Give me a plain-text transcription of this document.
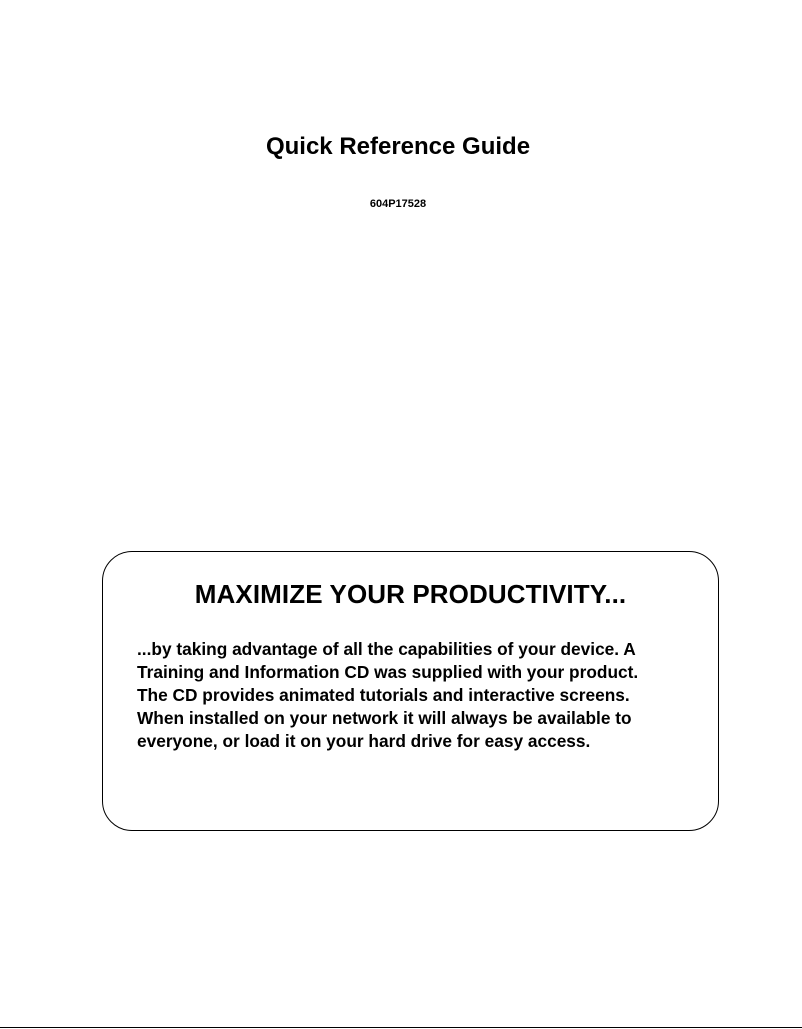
Quick Reference Guide
604P17528
MAXIMIZE YOUR PRODUCTIVITY...

...by taking advantage of all the capabilities of your device. A
Training and Information CD was supplied with your product.
The CD provides animated tutorials and interactive screens.
When installed on your network it will always be available to
everyone, or load it on your hard drive for easy access.
